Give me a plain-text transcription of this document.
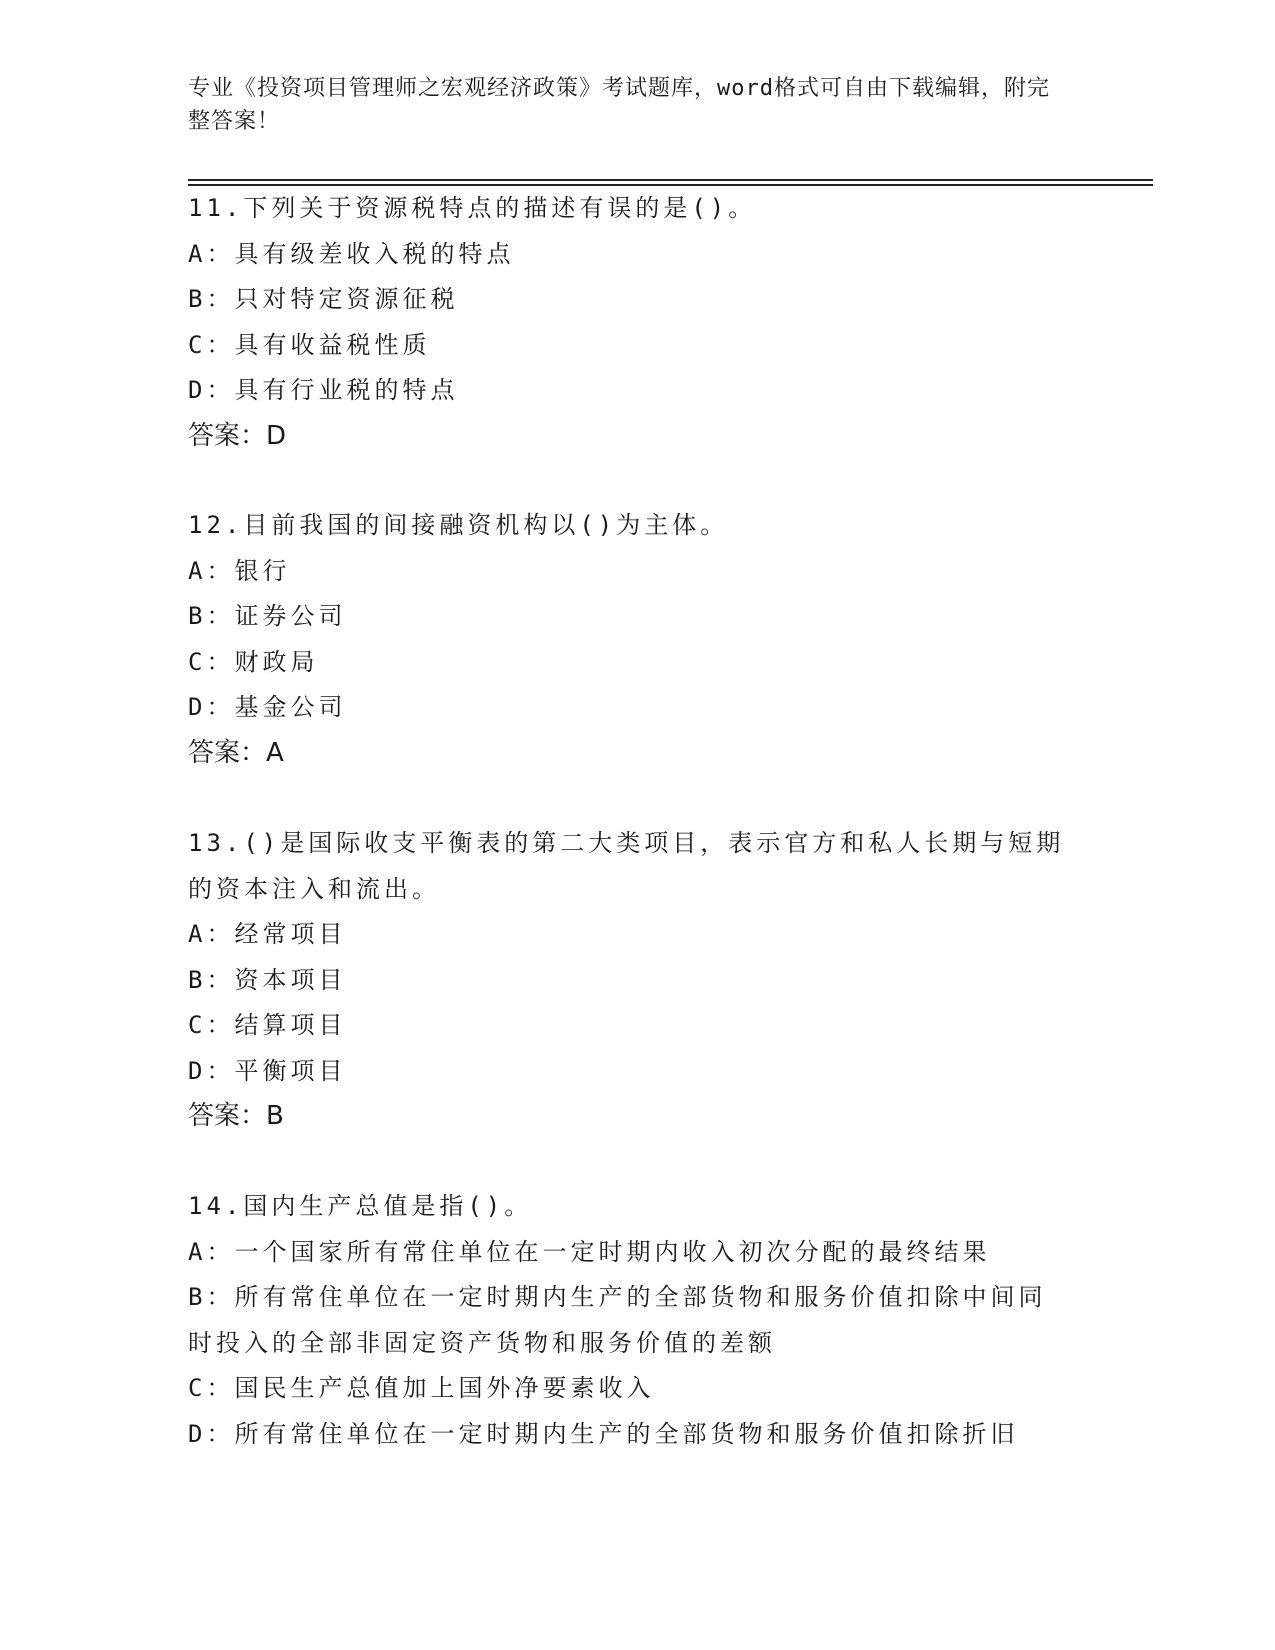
专业《投资项目管理师之宏观经济政策》考试题库，word格式可自由下载编辑，附完整答案！
11.下列关于资源税特点的描述有误的是()。
A：具有级差收入税的特点
B：只对特定资源征税
C：具有收益税性质
D：具有行业税的特点
答案：D
12.目前我国的间接融资机构以()为主体。
A：银行
B：证券公司
C：财政局
D：基金公司
答案：A
13.()是国际收支平衡表的第二大类项目，表示官方和私人长期与短期的资本注入和流出。
A：经常项目
B：资本项目
C：结算项目
D：平衡项目
答案：B
14.国内生产总值是指()。
A：一个国家所有常住单位在一定时期内收入初次分配的最终结果
B：所有常住单位在一定时期内生产的全部货物和服务价值扣除中间同时投入的全部非固定资产货物和服务价值的差额
C：国民生产总值加上国外净要素收入
D：所有常住单位在一定时期内生产的全部货物和服务价值扣除折旧
